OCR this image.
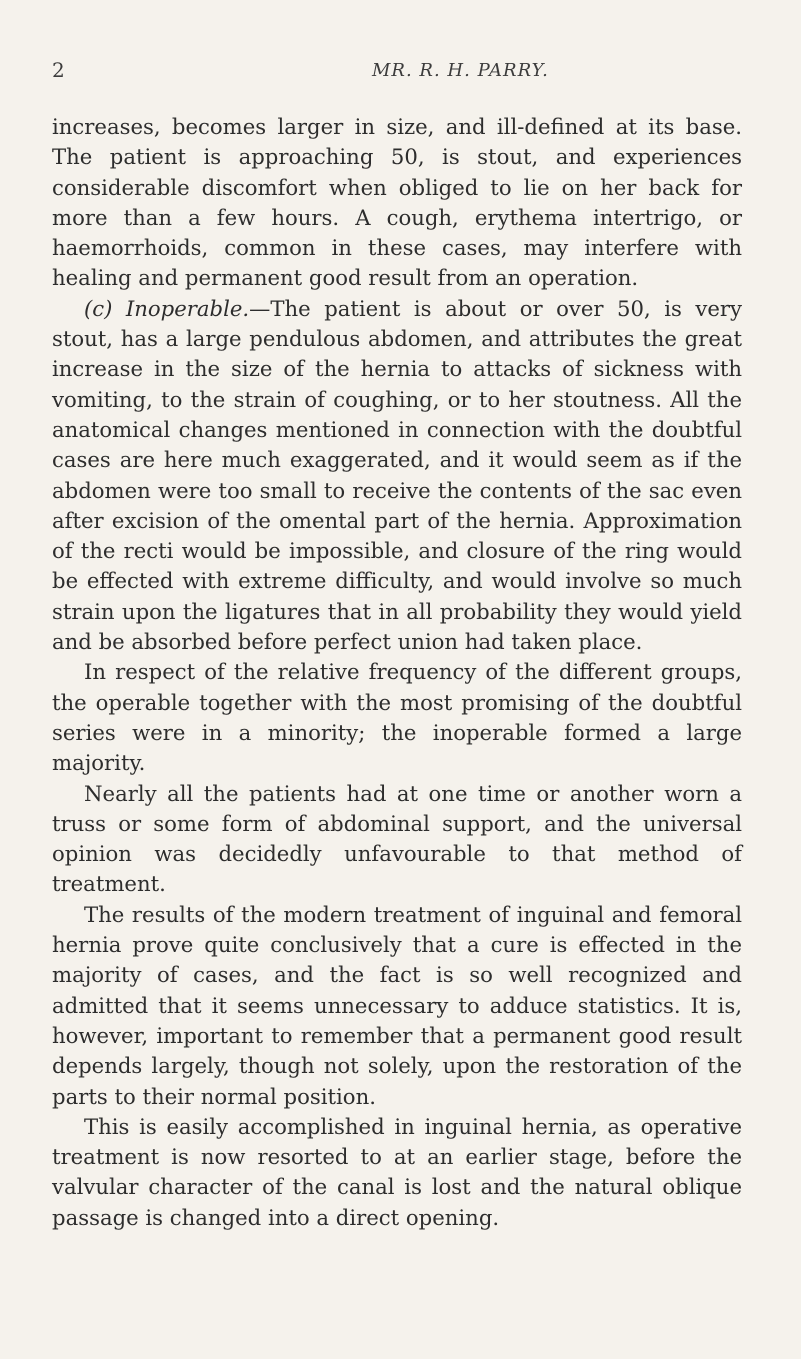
2	MR. R. H. PARRY.

increases, becomes larger in size, and ill-defined at its base. The patient is approaching 50, is stout, and experiences considerable discomfort when obliged to lie on her back for more than a few hours. A cough, erythema intertrigo, or haemorrhoids, common in these cases, may interfere with healing and permanent good result from an operation.

(c) Inoperable.—The patient is about or over 50, is very stout, has a large pendulous abdomen, and attributes the great increase in the size of the hernia to attacks of sickness with vomiting, to the strain of coughing, or to her stoutness. All the anatomical changes mentioned in connection with the doubtful cases are here much exaggerated, and it would seem as if the abdomen were too small to receive the contents of the sac even after excision of the omental part of the hernia. Approximation of the recti would be impossible, and closure of the ring would be effected with extreme difficulty, and would involve so much strain upon the ligatures that in all probability they would yield and be absorbed before perfect union had taken place.

In respect of the relative frequency of the different groups, the operable together with the most promising of the doubtful series were in a minority; the inoperable formed a large majority.

Nearly all the patients had at one time or another worn a truss or some form of abdominal support, and the universal opinion was decidedly unfavourable to that method of treatment.

The results of the modern treatment of inguinal and femoral hernia prove quite conclusively that a cure is effected in the majority of cases, and the fact is so well recognized and admitted that it seems unnecessary to adduce statistics. It is, however, important to remember that a permanent good result depends largely, though not solely, upon the restoration of the parts to their normal position.

This is easily accomplished in inguinal hernia, as operative treatment is now resorted to at an earlier stage, before the valvular character of the canal is lost and the natural oblique passage is changed into a direct opening.
